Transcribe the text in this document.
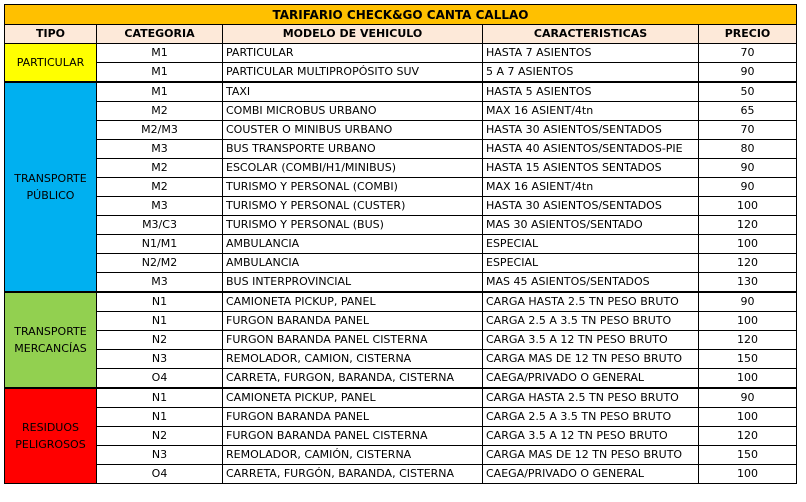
TARIFARIO CHECK&GO CANTA CALLAO				
TIPO	CATEGORIA	MODELO DE VEHICULO	CARACTERISTICAS	PRECIO
PARTICULAR	M1	PARTICULAR	HASTA 7 ASIENTOS	70
	M1	PARTICULAR MULTIPROPÓSITO SUV	5 A 7 ASIENTOS	90
TRANSPORTE PÚBLICO	M1	TAXI	HASTA 5 ASIENTOS	50
	M2	COMBI MICROBUS URBANO	MAX 16 ASIENT/4tn	65
	M2/M3	COUSTER O MINIBUS URBANO	HASTA 30 ASIENTOS/SENTADOS	70
	M3	BUS TRANSPORTE URBANO	HASTA 40 ASIENTOS/SENTADOS-PIE	80
	M2	ESCOLAR (COMBI/H1/MINIBUS)	HASTA 15 ASIENTOS SENTADOS	90
	M2	TURISMO Y PERSONAL (COMBI)	MAX 16 ASIENT/4tn	90
	M3	TURISMO Y PERSONAL (CUSTER)	HASTA 30 ASIENTOS/SENTADOS	100
	M3/C3	TURISMO Y PERSONAL (BUS)	MAS 30 ASIENTOS/SENTADO	120
	N1/M1	AMBULANCIA	ESPECIAL	100
	N2/M2	AMBULANCIA	ESPECIAL	120
	M3	BUS INTERPROVINCIAL	MAS 45 ASIENTOS/SENTADOS	130
TRANSPORTE MERCANCÍAS	N1	CAMIONETA PICKUP, PANEL	CARGA HASTA 2.5 TN PESO BRUTO	90
	N1	FURGON BARANDA PANEL	CARGA 2.5 A 3.5 TN PESO BRUTO	100
	N2	FURGON BARANDA PANEL CISTERNA	CARGA 3.5 A 12 TN PESO BRUTO	120
	N3	REMOLADOR, CAMION, CISTERNA	CARGA MAS DE 12 TN PESO BRUTO	150
	O4	CARRETA, FURGON, BARANDA, CISTERNA	CAEGA/PRIVADO O GENERAL	100
RESIDUOS PELIGROSOS	N1	CAMIONETA PICKUP, PANEL	CARGA HASTA 2.5 TN PESO BRUTO	90
	N1	FURGON BARANDA PANEL	CARGA 2.5 A 3.5 TN PESO BRUTO	100
	N2	FURGON BARANDA PANEL CISTERNA	CARGA 3.5 A 12 TN PESO BRUTO	120
	N3	REMOLADOR, CAMIÓN, CISTERNA	CARGA MAS DE 12 TN PESO BRUTO	150
	O4	CARRETA, FURGÓN, BARANDA, CISTERNA	CAEGA/PRIVADO O GENERAL	100
